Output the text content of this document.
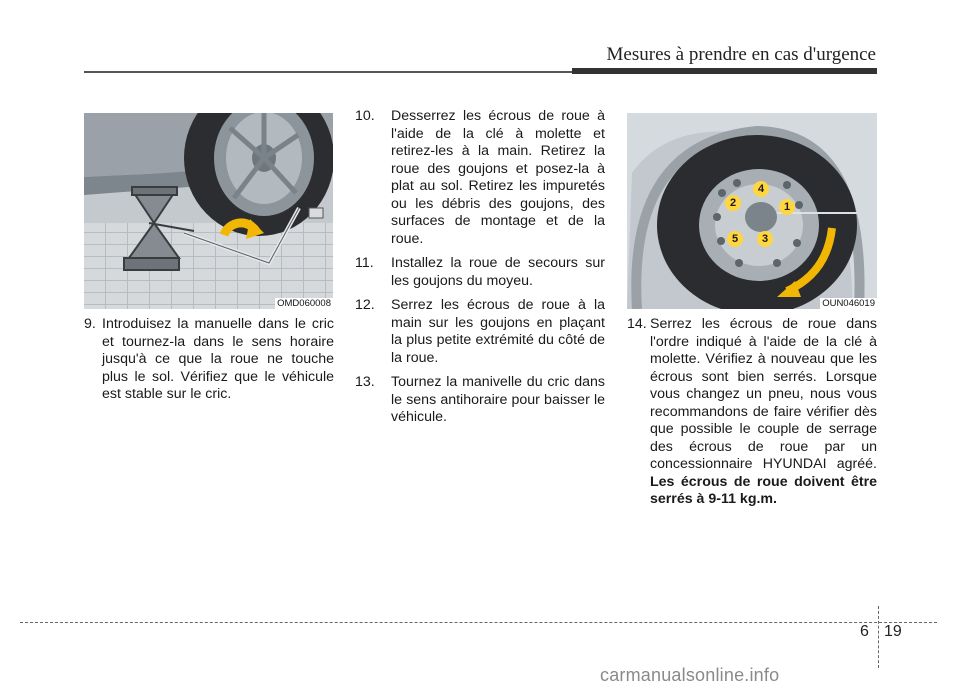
Mesures à prendre en cas d'urgence
OMD060008
1
2
3
4
5
OUN046019
9. Introduisez la manuelle dans le cric et tournez-la dans le sens horaire jusqu'à ce que la roue ne touche plus le sol. Vérifiez que le véhicule est stable sur le cric.
10.	Desserrez les écrous de roue à l'aide de la clé à molette et retirez-les à la main. Retirez la roue des goujons et posez-la à plat au sol. Retirez les impuretés ou les débris des goujons, des surfaces de montage et de la roue.
11.	Installez la roue de secours sur les goujons du moyeu.
12.	Serrez les écrous de roue à la main sur les goujons en plaçant la plus petite extrémité du côté de la roue.
13.	Tournez la manivelle du cric dans le sens antihoraire pour baisser le véhicule.
14. Serrez les écrous de roue dans l'ordre indiqué à l'aide de la clé à molette. Vérifiez à nouveau que les écrous sont bien serrés. Lorsque vous changez un pneu, nous vous recommandons de faire vérifier dès que possible le couple de serrage des écrous de roue par un concessionnaire HYUNDAI agréé. Les écrous de roue doivent être serrés à 9-11 kg.m.
6 19
carmanualsonline.info
